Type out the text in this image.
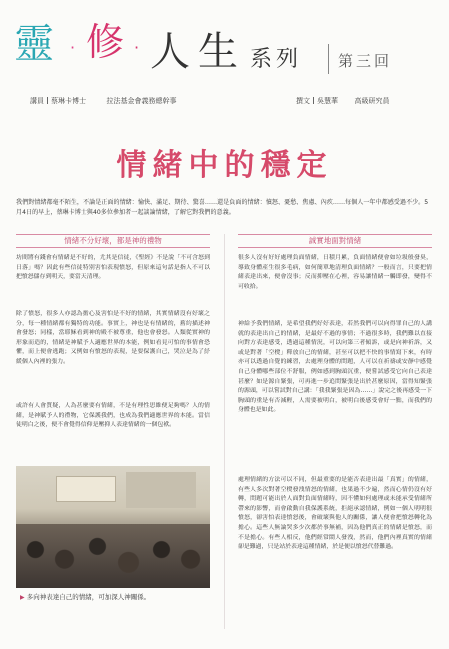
靈 · 修 · 人生 系列 第三回
講員 蔡琳卡博士	拉法基金會義務總幹事	撰文 吳慧華 高級研究員
情緒中的穩定
我們對情緒都毫不陌生，不論是正面的情緒：愉快、滿足、期待、驚喜……還是負面的情緒：憤怒、憂愁、焦慮、內疚……每個人一年中都感受過不少。5月4日的早上，蔡琳卡博士與40多位參加者一起談論情緒，了解它對我們的意義。
情緒不分好壞，都是神的禮物
坊間將有錢會有情緒是不好的，尤其是信徒，《聖經》不是說「不可含怒到日落」嗎？因此有些信徒特別害怕表現憤怒，但原來這句話是指人不可以把憤怒儲存到明天，要當天清理。
除了憤怒，很多人亦認為擔心及害怕是不好的情緒，其實情緒沒有好壞之分，每一種情緒都有獨特的功能。事實上，神也是有情緒的，舊約描述神會發怒；同樣，當耶穌看到神的殿不被尊重，他也會發怒。人類從實神的形象而造的，情緒是神賦予人適應世界的本能，例如看見可怕的事情會恐懼，而上便會逃跑；又例如有憤怒的表現，是要保護自己，哭泣是為了紓緩個人內裡的張力。
或許有人會質疑，人為甚麼要有情緒，不是有理性思維便足夠嗎？人的情緒，是神賦予人的禮物，它保護我們，也成為我們適應世界的本能。當信徒明白之後，便不會覺得信仰是壓抑人表達情緒的一個包袱。
▶ 多向神表達自己的情緒，可加深人神關係。
誠實地面對情緒
很多人沒有好好處理負面情緒，日積月累，負面情緒便會如垃圾般發臭，導致身體產生很多毛病，如何簡單地清理負面情緒？一般而言，只要把情緒表達出來，便會沒事；反而抑壓在心裡，容易讓情緒一觸即發，變得不可收拾。
神給予我們情緒，是希望我們好好表達，若然我們可以向得罪自己的人講就的表達出自己的情緒，是最好不過的事情；不過很多時，我們難以直接向對方表達感受，透過這種情況，可以向第三者傾訴，或是向神祈訴，又或是對著「空櫈」釋放自己的情緒，甚至可以把不快的事情寫下來，有時亦可以透過自覺的練習，去處理身體的問題，人可以在祈禱或安靜中感覺自己身體哪些部位不舒服，例如感到胸頭沉重，便嘗試感受它向自己表達甚麼？如是源自緊張，可再進一步追問緊張是出於甚麼原因，當得知緊張的源頭，可以嘗試對自己講：「我我緊張是因為……」說完之後再感受一下胸頭的重是有否減輕，人需要被明白，被明白後感受會好一點，而我們的身體也是如此。
處理情緒的方法可以不同，但最重要的是能否表達出最「真實」的情緒，有些人多次對著空櫈發洩情怒的情緒，也果過不少遍，然而心情仍沒有好轉，問題可能出於人面對負面情緒時，因不懂如何處理或未能承受情緒所帶來的影響，而會啟動自我保護系統，拒絕承認情緒，例如一個人明明很憤怒，卻害怕表達憤怒後，會破壞與他人的關係，讓人便會把憤怒轉化為擔心。這些人無論哭多少次都於事無補，因為他們真正的情緒是憤怒，而不是擔心。有些人相反，他們經常鬧人發洩，然而，他們內裡真實的情緒卻是難過，只是站於表達這種情緒，於是便以憤怒代替難過。
